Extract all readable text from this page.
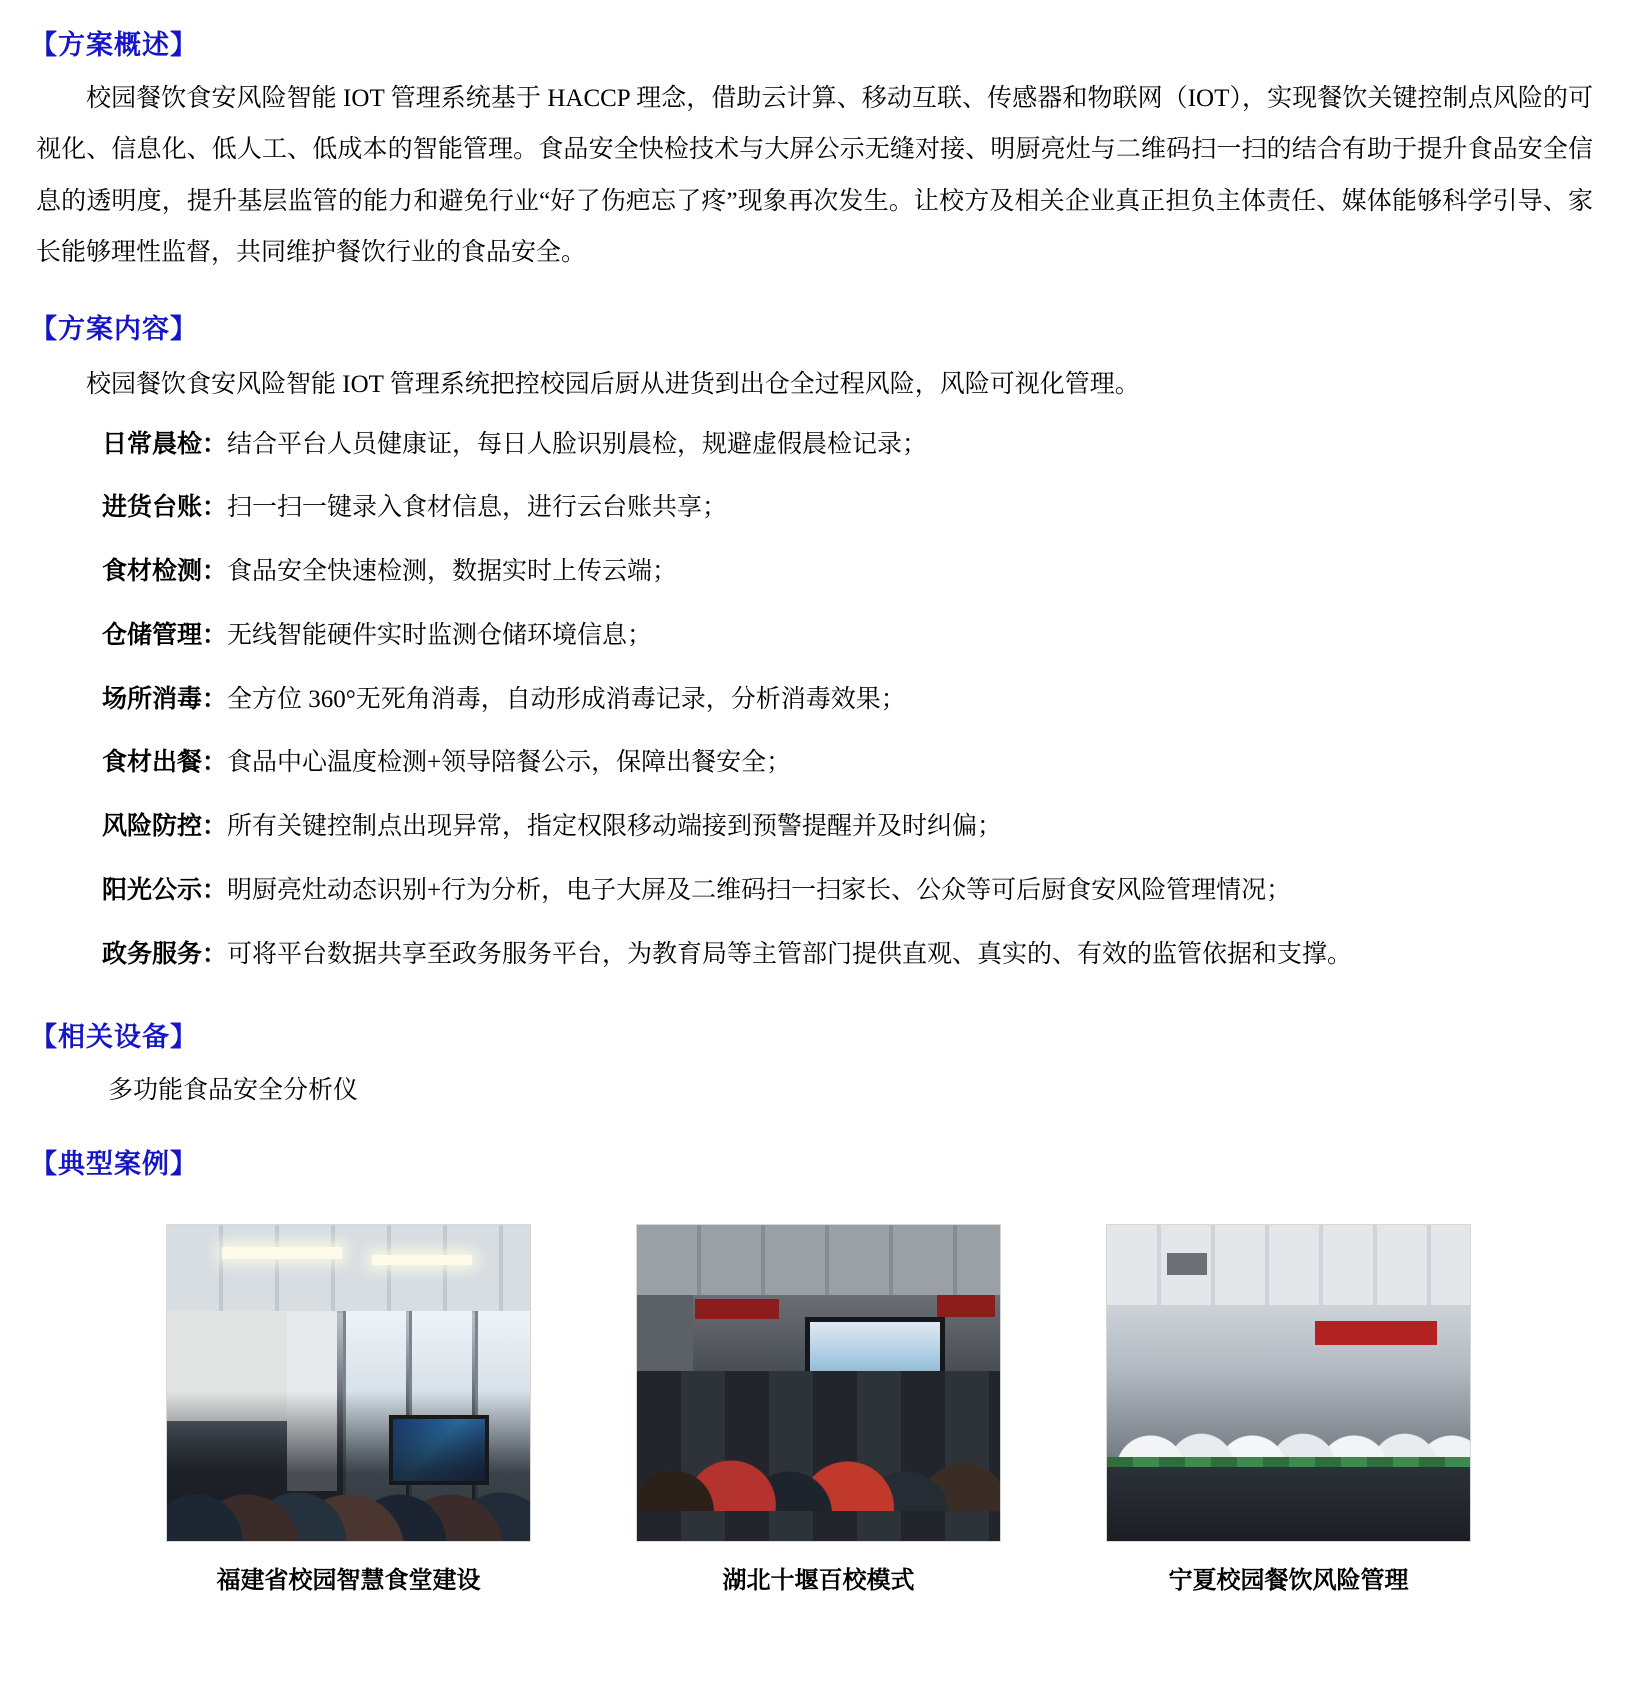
【方案概述】

校园餐饮食安风险智能 IOT 管理系统基于 HACCP 理念，借助云计算、移动互联、传感器和物联网（IOT），实现餐饮关键控制点风险的可视化、信息化、低人工、低成本的智能管理。食品安全快检技术与大屏公示无缝对接、明厨亮灶与二维码扫一扫的结合有助于提升食品安全信息的透明度，提升基层监管的能力和避免行业“好了伤疤忘了疼”现象再次发生。让校方及相关企业真正担负主体责任、媒体能够科学引导、家长能够理性监督，共同维护餐饮行业的食品安全。

【方案内容】

校园餐饮食安风险智能 IOT 管理系统把控校园后厨从进货到出仓全过程风险，风险可视化管理。

日常晨检：结合平台人员健康证，每日人脸识别晨检，规避虚假晨检记录；
进货台账：扫一扫一键录入食材信息，进行云台账共享；
食材检测：食品安全快速检测，数据实时上传云端；
仓储管理：无线智能硬件实时监测仓储环境信息；
场所消毒：全方位 360°无死角消毒，自动形成消毒记录，分析消毒效果；
食材出餐：食品中心温度检测+领导陪餐公示，保障出餐安全；
风险防控：所有关键控制点出现异常，指定权限移动端接到预警提醒并及时纠偏；
阳光公示：明厨亮灶动态识别+行为分析，电子大屏及二维码扫一扫家长、公众等可后厨食安风险管理情况；
政务服务：可将平台数据共享至政务服务平台，为教育局等主管部门提供直观、真实的、有效的监管依据和支撑。
【相关设备】

多功能食品安全分析仪

【典型案例】
福建省校园智慧食堂建设	湖北十堰百校模式	宁夏校园餐饮风险管理
